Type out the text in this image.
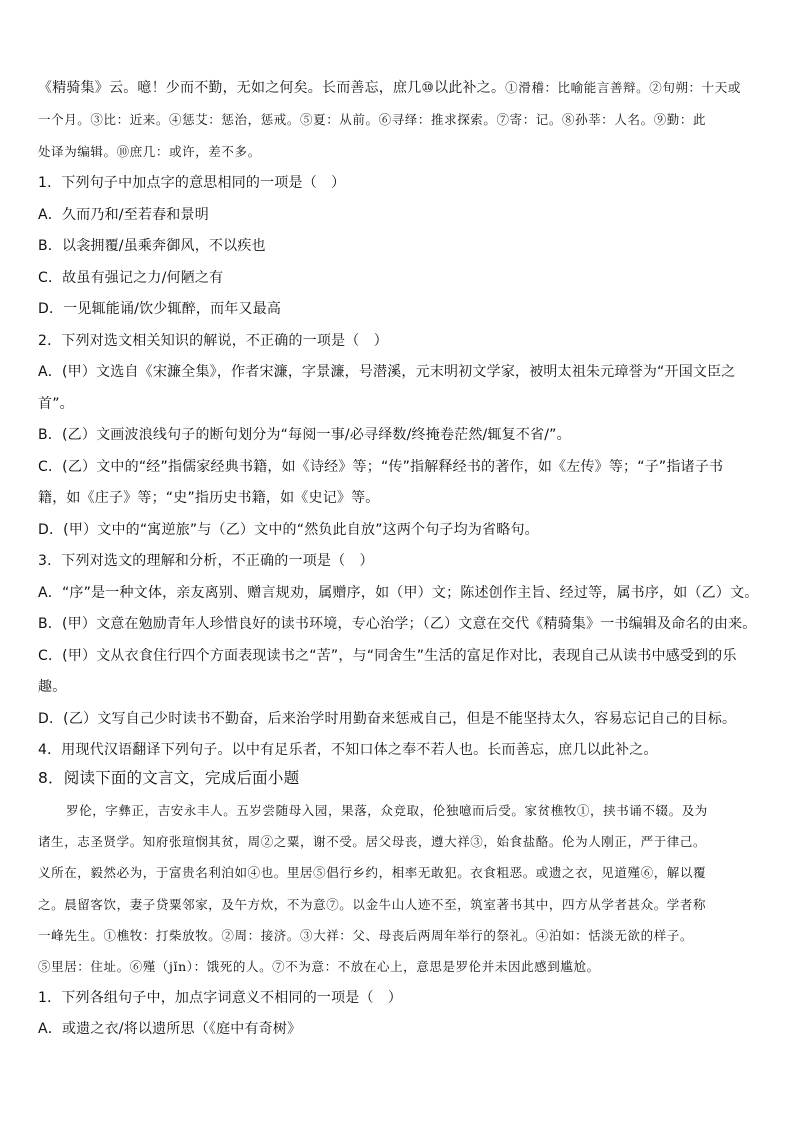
《精骑集》云。噫！少而不勤，无如之何矣。长而善忘，庶几⑩以此补之。①滑稽：比喻能言善辩。②旬朔：十天或
一个月。③比：近来。④惩艾：惩治，惩戒。⑤夏：从前。⑥寻绎：推求探索。⑦寄：记。⑧孙莘：人名。⑨勤：此
处译为编辑。⑩庶几：或许，差不多。
1．下列句子中加点字的意思相同的一项是（　）
A．久而乃和/至若春和景明
B．以衾拥覆/虽乘奔御风，不以疾也
C．故虽有强记之力/何陋之有
D．一见辄能诵/饮少辄醉，而年又最高
2．下列对选文相关知识的解说，不正确的一项是（　）
A．(甲）文选自《宋濂全集》，作者宋濂，字景濂，号潜溪，元末明初文学家，被明太祖朱元璋誉为“开国文臣之
首”。
B．(乙）文画波浪线句子的断句划分为“每阅一事/必寻绎数/终掩卷茫然/辄复不省/”。
C．(乙）文中的“经”指儒家经典书籍，如《诗经》等；“传”指解释经书的著作，如《左传》等；“子”指诸子书
籍，如《庄子》等；“史”指历史书籍，如《史记》等。
D．(甲）文中的“寓逆旅”与（乙）文中的“然负此自放”这两个句子均为省略句。
3．下列对选文的理解和分析，不正确的一项是（　）
A．“序”是一种文体，亲友离别、赠言规劝，属赠序，如（甲）文；陈述创作主旨、经过等，属书序，如（乙）文。
B．(甲）文意在勉励青年人珍惜良好的读书环境，专心治学；（乙）文意在交代《精骑集》一书编辑及命名的由来。
C．(甲）文从衣食住行四个方面表现读书之“苦”，与“同舍生”生活的富足作对比，表现自己从读书中感受到的乐
趣。
D．(乙）文写自己少时读书不勤奋，后来治学时用勤奋来惩戒自己，但是不能坚持太久，容易忘记自己的目标。
4．用现代汉语翻译下列句子。以中有足乐者，不知口体之奉不若人也。长而善忘，庶几以此补之。
8．阅读下面的文言文，完成后面小题
罗伦，字彝正，吉安永丰人。五岁尝随母入园，果落，众竞取，伦独噫而后受。家贫樵牧①，挟书诵不辍。及为
诸生，志圣贤学。知府张瑄悯其贫，周②之粟，谢不受。居父母丧，遵大祥③，始食盐酪。伦为人刚正，严于律己。
义所在，毅然必为，于富贵名利泊如④也。里居⑤倡行乡约，相率无敢犯。衣食粗恶。或遗之衣，见道殣⑥，解以覆
之。晨留客饮，妻子贷粟邻家，及午方炊，不为意⑦。以金牛山人迹不至，筑室著书其中，四方从学者甚众。学者称
一峰先生。①樵牧：打柴放牧。②周：接济。③大祥：父、母丧后两周年举行的祭礼。④泊如：恬淡无欲的样子。
⑤里居：住址。⑥殣（jǐn）：饿死的人。⑦不为意：不放在心上，意思是罗伦并未因此感到尴尬。
1．下列各组句子中，加点字词意义不相同的一项是（　）
A．或遗之衣/将以遗所思（《庭中有奇树》
